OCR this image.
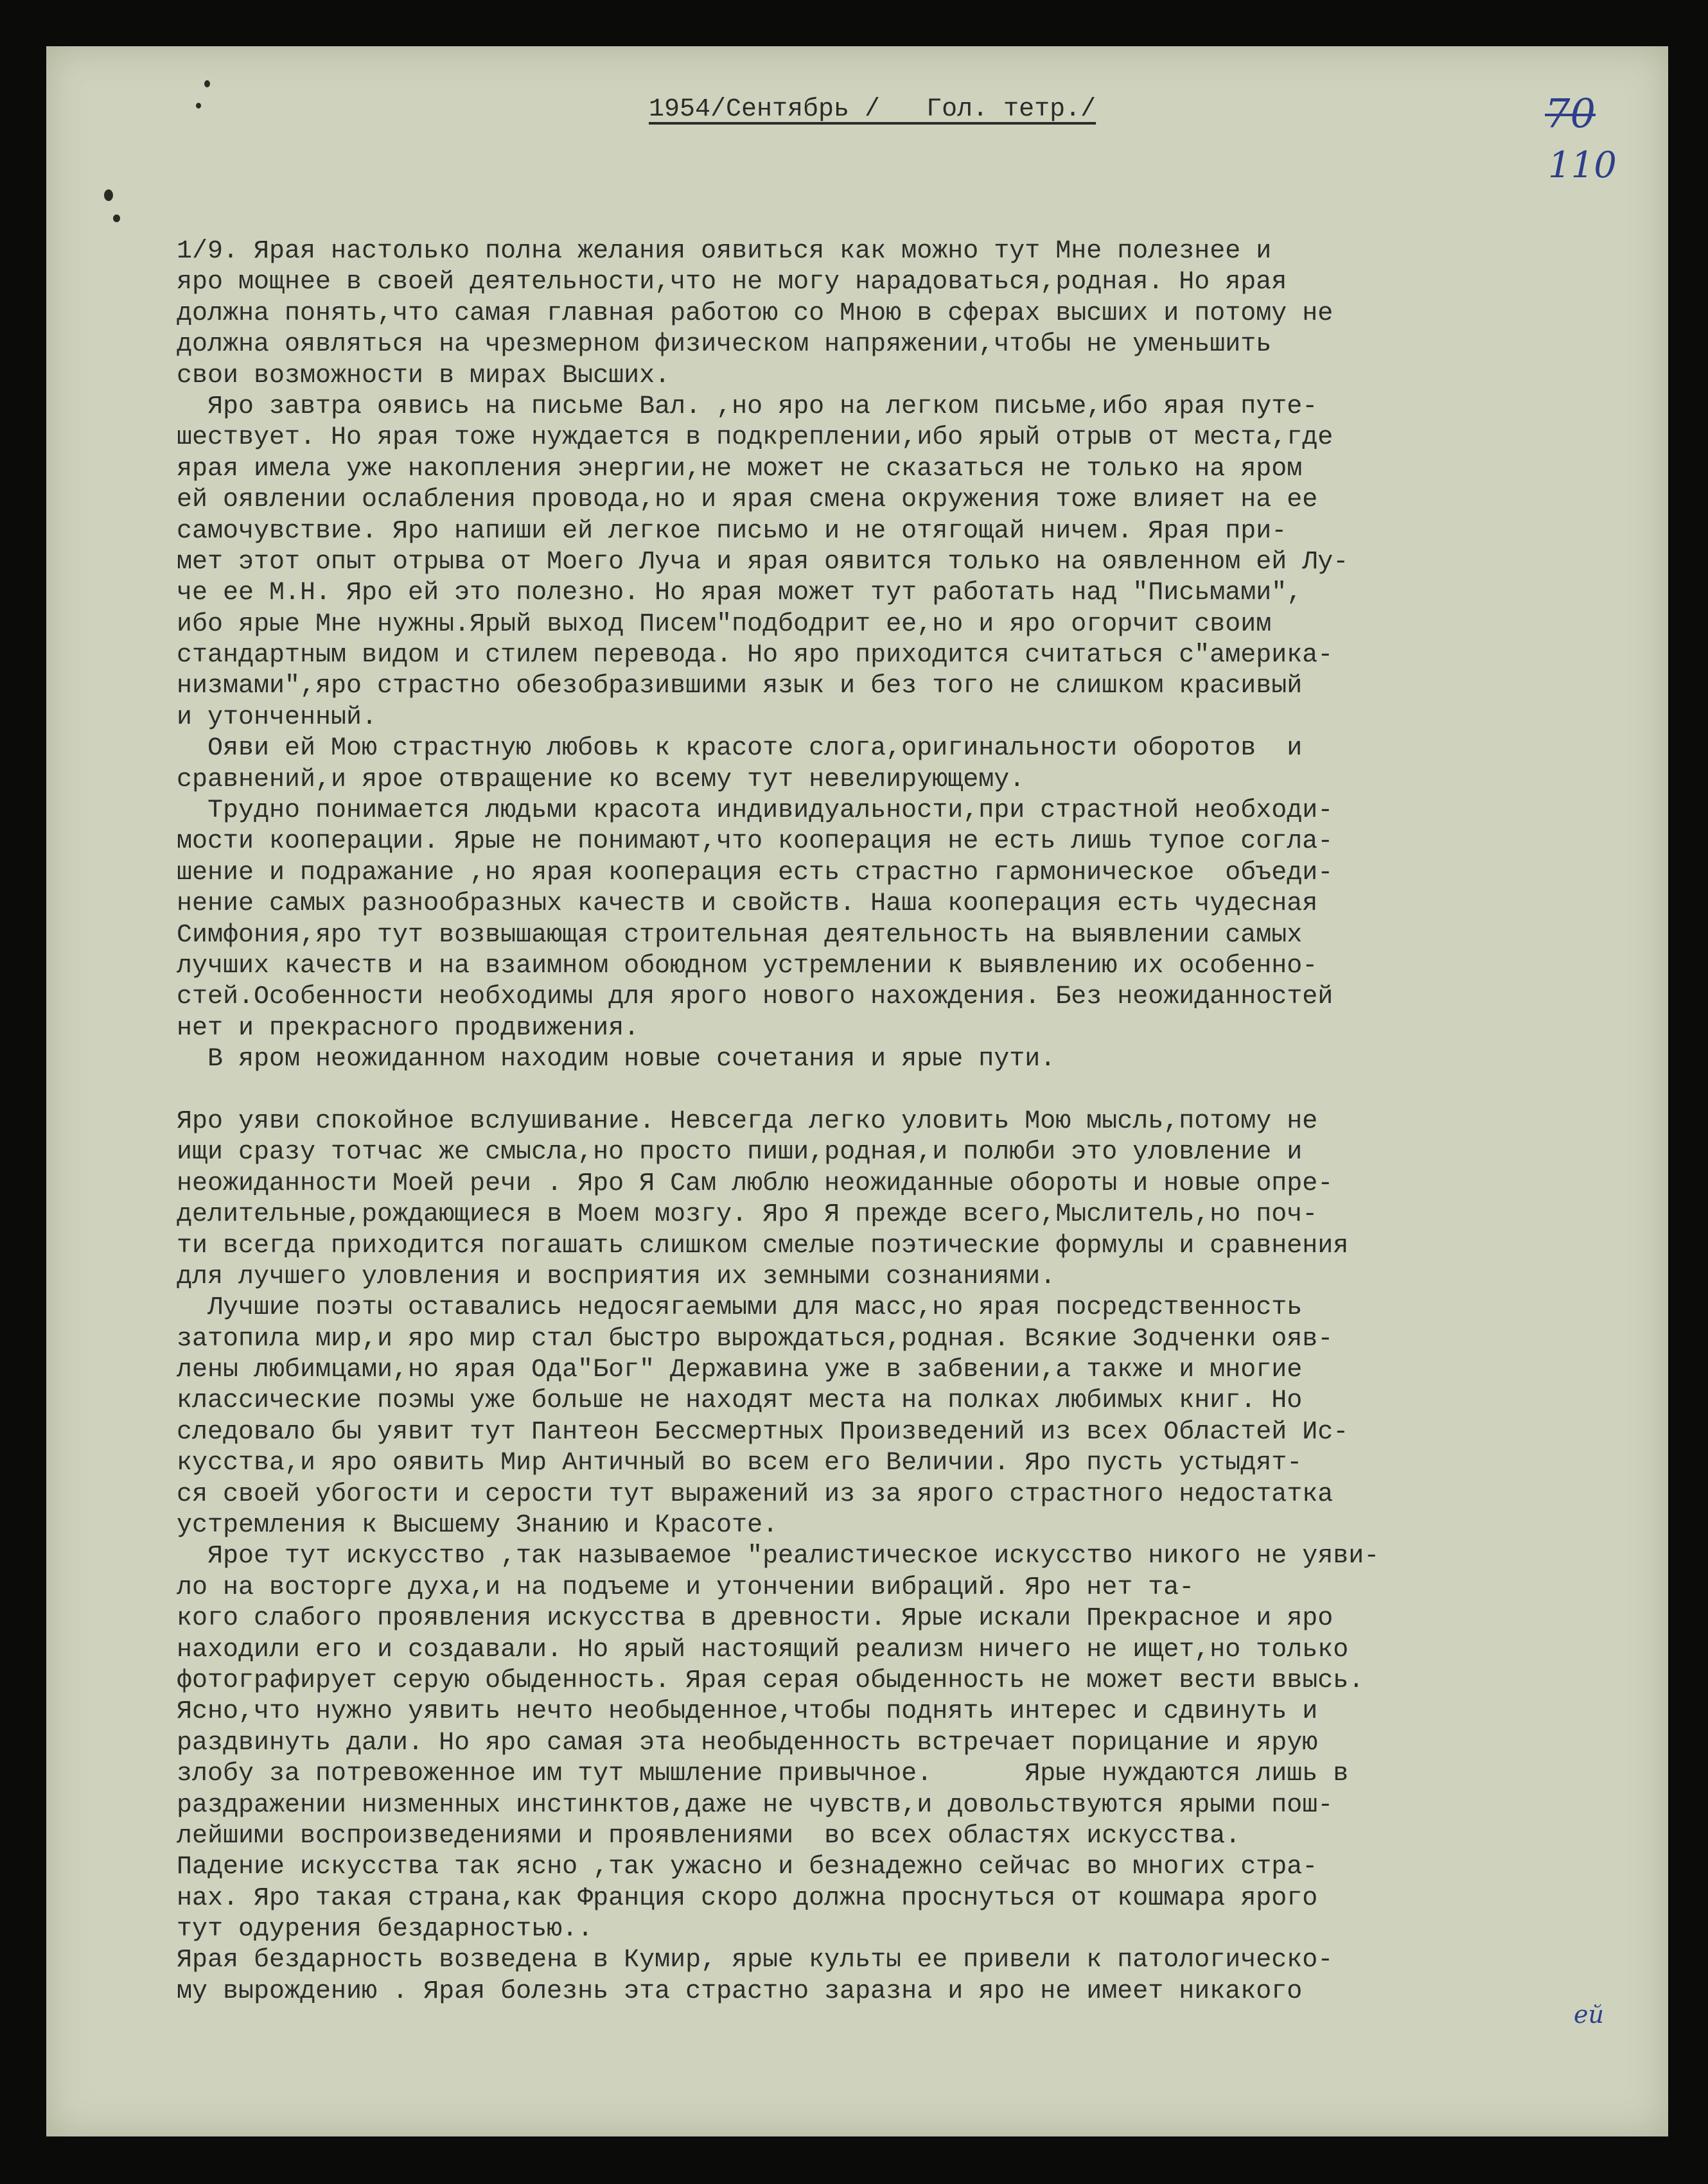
1954/Сентябрь /   Гол. тетр./	70
110
ей
1/9. Ярая настолько полна желания оявиться как можно тут Мне полезнее и
яро мощнее в своей деятельности,что не могу нарадоваться,родная. Но ярая
должна понять,что самая главная работою со Мною в сферах высших и потому не
должна оявляться на чрезмерном физическом напряжении,чтобы не уменьшить
свои возможности в мирах Высших.
Яро завтра оявись на письме Вал. ,но яро на легком письме,ибо ярая путе-
шествует. Но ярая тоже нуждается в подкреплении,ибо ярый отрыв от места,где
ярая имела уже накопления энергии,не может не сказаться не только на яром
ей оявлении ослабления провода,но и ярая смена окружения тоже влияет на ее
самочувствие. Яро напиши ей легкое письмо и не отягощай ничем. Ярая при-
мет этот опыт отрыва от Моего Луча и ярая оявится только на оявленном ей Лу-
че ее М.Н. Яро ей это полезно. Но ярая может тут работать над "Письмами",
ибо ярые Мне нужны.Ярый выход Писем"подбодрит ее,но и яро огорчит своим
стандартным видом и стилем перевода. Но яро приходится считаться с"америка-
низмами",яро страстно обезобразившими язык и без того не слишком красивый
и утонченный.
Ояви ей Мою страстную любовь к красоте слога,оригинальности оборотов  и
сравнений,и ярое отвращение ко всему тут невелирующему.
Трудно понимается людьми красота индивидуальности,при страстной необходи-
мости кооперации. Ярые не понимают,что кооперация не есть лишь тупое согла-
шение и подражание ,но ярая кооперация есть страстно гармоническое  объеди-
нение самых разнообразных качеств и свойств. Наша кооперация есть чудесная
Симфония,яро тут возвышающая строительная деятельность на выявлении самых
лучших качеств и на взаимном обоюдном устремлении к выявлению их особенно-
стей.Особенности необходимы для ярого нового нахождения. Без неожиданностей
нет и прекрасного продвижения.
В яром неожиданном находим новые сочетания и ярые пути.
Яро уяви спокойное вслушивание. Невсегда легко уловить Мою мысль,потому не
ищи сразу тотчас же смысла,но просто пиши,родная,и полюби это уловление и
неожиданности Моей речи . Яро Я Сам люблю неожиданные обороты и новые опре-
делительные,рождающиеся в Моем мозгу. Яро Я прежде всего,Мыслитель,но поч-
ти всегда приходится погашать слишком смелые поэтические формулы и сравнения
для лучшего уловления и восприятия их земными сознаниями.
Лучшие поэты оставались недосягаемыми для масс,но ярая посредственность
затопила мир,и яро мир стал быстро вырождаться,родная. Всякие Зодченки ояв-
лены любимцами,но ярая Ода"Бог" Державина уже в забвении,а также и многие
классические поэмы уже больше не находят места на полках любимых книг. Но
следовало бы уявит тут Пантеон Бессмертных Произведений из всех Областей Ис-
кусства,и яро оявить Мир Античный во всем его Величии. Яро пусть устыдят-
ся своей убогости и серости тут выражений из за ярого страстного недостатка
устремления к Высшему Знанию и Красоте.
Ярое тут искусство ,так называемое "реалистическое искусство никого не уяви-
ло на восторге духа,и на подъеме и утончении вибраций. Яро нет та-
кого слабого проявления искусства в древности. Ярые искали Прекрасное и яро
находили его и создавали. Но ярый настоящий реализм ничего не ищет,но только
фотографирует серую обыденность. Ярая серая обыденность не может вести ввысь.
Ясно,что нужно уявить нечто необыденное,чтобы поднять интерес и сдвинуть и
раздвинуть дали. Но яро самая эта необыденность встречает порицание и ярую
злобу за потревоженное им тут мышление привычное.      Ярые нуждаются лишь в
раздражении низменных инстинктов,даже не чувств,и довольствуются ярыми пош-
лейшими воспроизведениями и проявлениями  во всех областях искусства.
Падение искусства так ясно ,так ужасно и безнадежно сейчас во многих стра-
нах. Яро такая страна,как Франция скоро должна проснуться от кошмара ярого
тут одурения бездарностью..
Ярая бездарность возведена в Кумир, ярые культы ее привели к патологическо-
му вырождению . Ярая болезнь эта страстно заразна и яро не имеет никакого
